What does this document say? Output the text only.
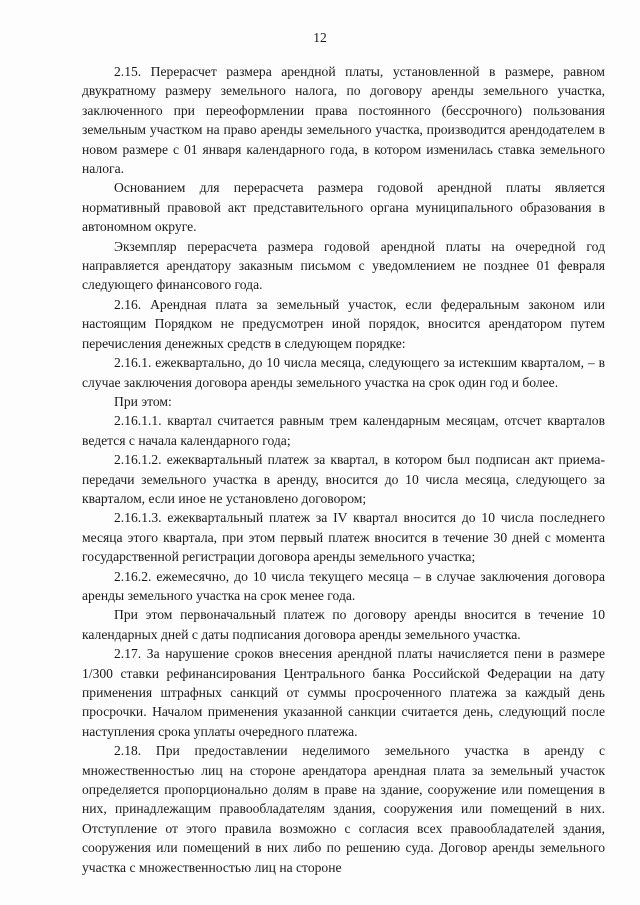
12

2.15. Перерасчет размера арендной платы, установленной в размере, равном двукратному размеру земельного налога, по договору аренды земельного участка, заключенного при переоформлении права постоянного (бессрочного) пользования земельным участком на право аренды земельного участка, производится арендодателем в новом размере с 01 января календарного года, в котором изменилась ставка земельного налога.

Основанием для перерасчета размера годовой арендной платы является нормативный правовой акт представительного органа муниципального образования в автономном округе.

Экземпляр перерасчета размера годовой арендной платы на очередной год направляется арендатору заказным письмом с уведомлением не позднее 01 февраля следующего финансового года.

2.16. Арендная плата за земельный участок, если федеральным законом или настоящим Порядком не предусмотрен иной порядок, вносится арендатором путем перечисления денежных средств в следующем порядке:

2.16.1. ежеквартально, до 10 числа месяца, следующего за истекшим кварталом, – в случае заключения договора аренды земельного участка на срок один год и более.

При этом:

2.16.1.1. квартал считается равным трем календарным месяцам, отсчет кварталов ведется с начала календарного года;

2.16.1.2. ежеквартальный платеж за квартал, в котором был подписан акт приема-передачи земельного участка в аренду, вносится до 10 числа месяца, следующего за кварталом, если иное не установлено договором;

2.16.1.3. ежеквартальный платеж за IV квартал вносится до 10 числа последнего месяца этого квартала, при этом первый платеж вносится в течение 30 дней с момента государственной регистрации договора аренды земельного участка;

2.16.2. ежемесячно, до 10 числа текущего месяца – в случае заключения договора аренды земельного участка на срок менее года.

При этом первоначальный платеж по договору аренды вносится в течение 10 календарных дней с даты подписания договора аренды земельного участка.

2.17. За нарушение сроков внесения арендной платы начисляется пени в размере 1/300 ставки рефинансирования Центрального банка Российской Федерации на дату применения штрафных санкций от суммы просроченного платежа за каждый день просрочки. Началом применения указанной санкции считается день, следующий после наступления срока уплаты очередного платежа.

2.18. При предоставлении неделимого земельного участка в аренду с множественностью лиц на стороне арендатора арендная плата за земельный участок определяется пропорционально долям в праве на здание, сооружение или помещения в них, принадлежащим правообладателям здания, сооружения или помещений в них. Отступление от этого правила возможно с согласия всех правообладателей здания, сооружения или помещений в них либо по решению суда. Договор аренды земельного участка с множественностью лиц на стороне
